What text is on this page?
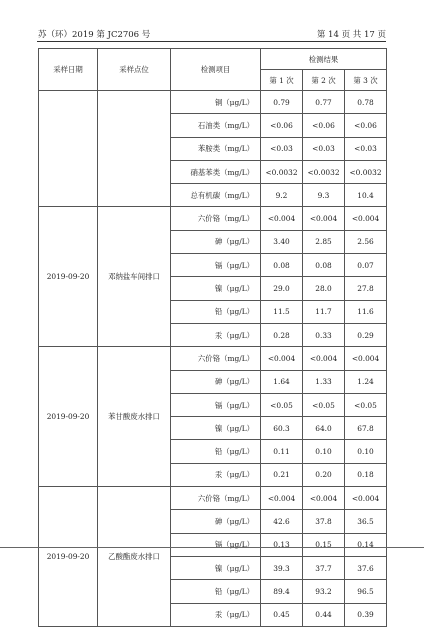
苏（环）2019 第 JC2706 号	第 14 页 共 17 页
采样日期	采样点位	检测项目	检测结果		
			第 1 次	第 2 次	第 3 次
		铜（μg/L）	0.79	0.77	0.78
		石油类（mg/L）	<0.06	<0.06	<0.06
		苯胺类（mg/L）	<0.03	<0.03	<0.03
		硝基苯类（mg/L）	<0.0032	<0.0032	<0.0032
		总有机碳（mg/L）	9.2	9.3	10.4
2019-09-20	邓纳盐车间排口	六价铬（mg/L）	<0.004	<0.004	<0.004
		砷（μg/L）	3.40	2.85	2.56
		镉（μg/L）	0.08	0.08	0.07
		镍（μg/L）	29.0	28.0	27.8
		铅（μg/L）	11.5	11.7	11.6
		汞（μg/L）	0.28	0.33	0.29
2019-09-20	苯甘酸废水排口	六价铬（mg/L）	<0.004	<0.004	<0.004
		砷（μg/L）	1.64	1.33	1.24
		镉（μg/L）	<0.05	<0.05	<0.05
		镍（μg/L）	60.3	64.0	67.8
		铅（μg/L）	0.11	0.10	0.10
		汞（μg/L）	0.21	0.20	0.18
2019-09-20	乙酸酯废水排口	六价铬（mg/L）	<0.004	<0.004	<0.004
		砷（μg/L）	42.6	37.8	36.5
		镉（μg/L）	0.13	0.15	0.14
		镍（μg/L）	39.3	37.7	37.6
		铅（μg/L）	89.4	93.2	96.5
		汞（μg/L）	0.45	0.44	0.39
